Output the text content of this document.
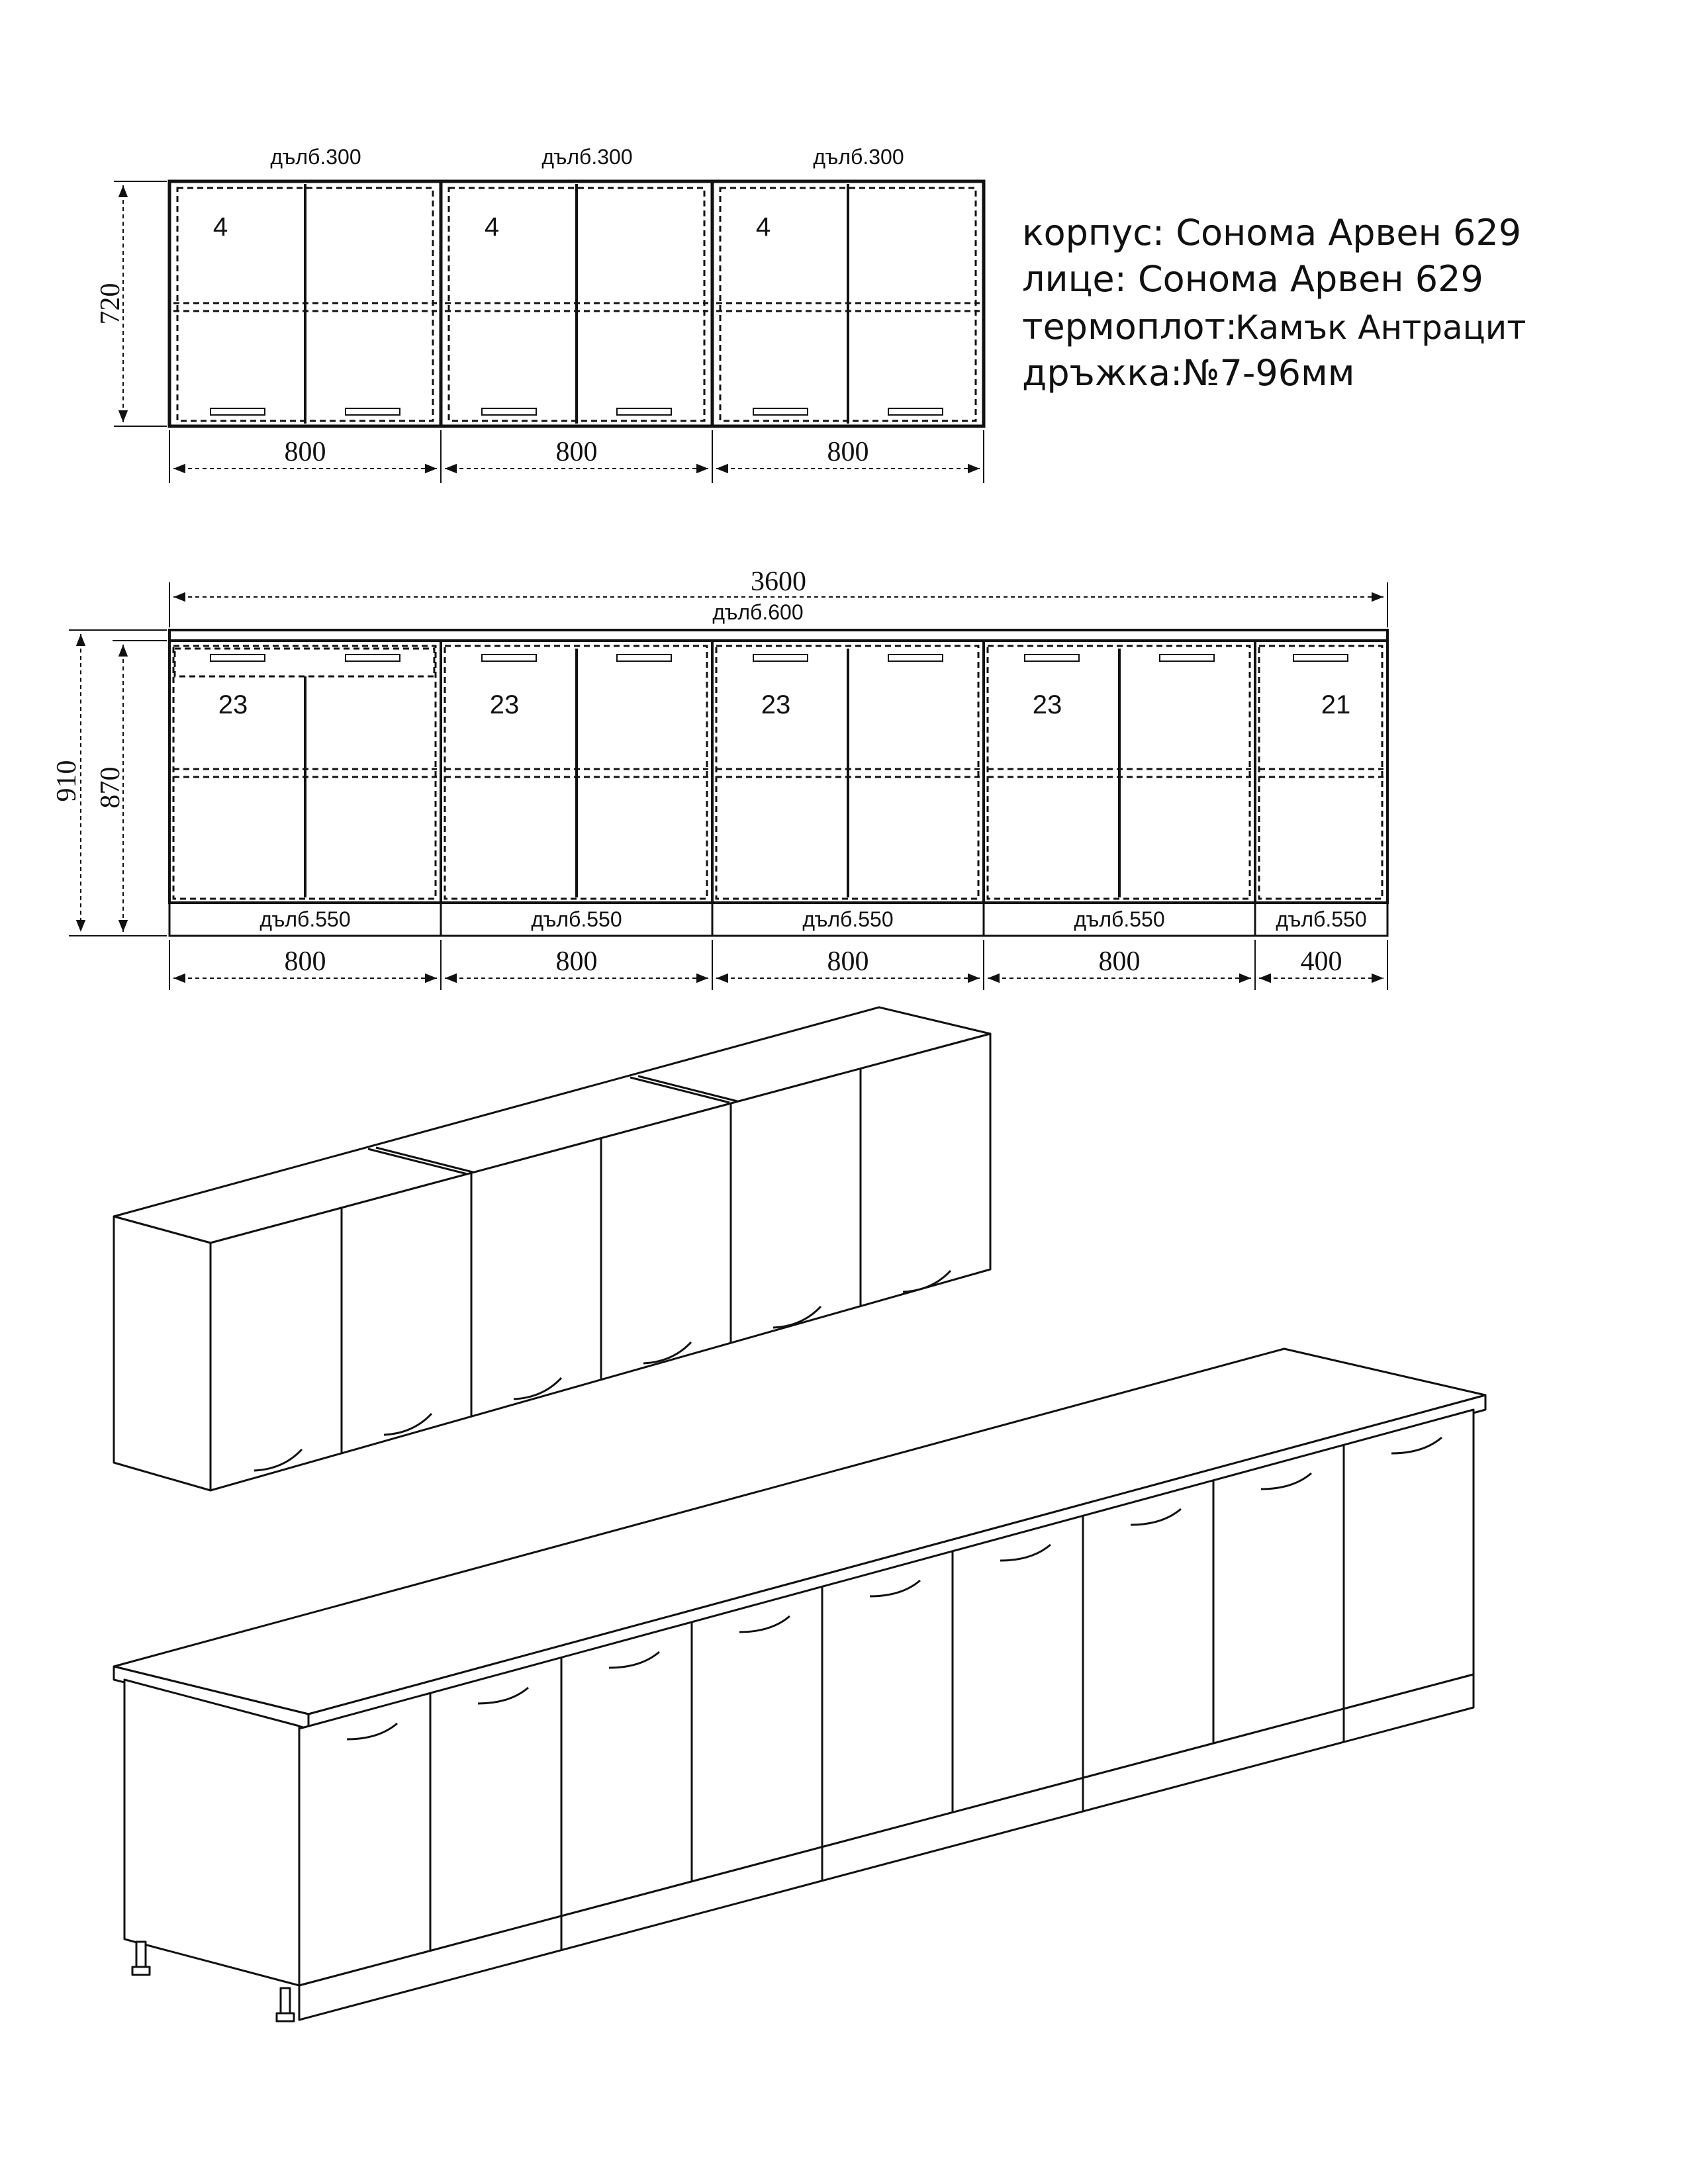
дълб.300	дълб.300	дълб.300
4	4	4
720
800	800	800
корпус: Сонома Арвен 629
лице: Сонома Арвен 629
термоплот:
Камък Антрацит
дръжка:№7-96мм
3600
дълб.600
23	23	23	23	21
дълб.550	дълб.550	дълб.550	дълб.550	дълб.550
910 870
800	800	800	800	400
